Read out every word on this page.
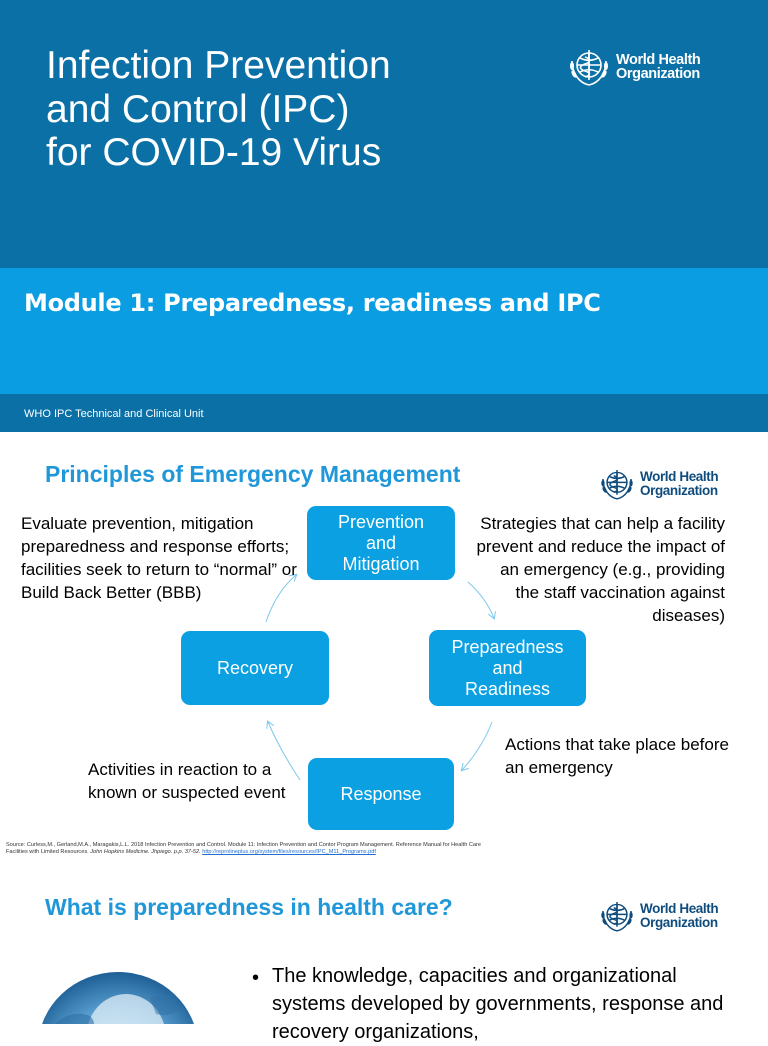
Infection Prevention
and Control (IPC)
for COVID-19 Virus
World Health
Organization
Module 1: Preparedness, readiness and IPC
WHO IPC Technical and Clinical Unit
Principles of Emergency Management	World Health
Organization
Prevention
and
Mitigation
Preparedness
and
Readiness
Response
Recovery
Evaluate prevention, mitigation preparedness and response efforts; facilities seek to return to “normal” or Build Back Better (BBB)
Strategies that can help a facility prevent and reduce the impact of an emergency (e.g., providing the staff vaccination against diseases)
Actions that take place before an emergency
Activities in reaction to a known or suspected event
Source: Curless,M., Gerland,M.A., Maragakis,L.L. 2018 Infection Prevention and Control. Module 11: Infection Prevention and Contor Program Management. Reference Manual for Health Care Facilities with Limited Resources. John Hopkins Medicine. Jhpiego. p.p. 37-52. http://reprolineplus.org/system/files/resources/IPC_M11_Programs.pdf
What is preparedness in health care?	World Health
Organization
• The knowledge, capacities and organizational systems developed by governments, response and recovery organizations,
